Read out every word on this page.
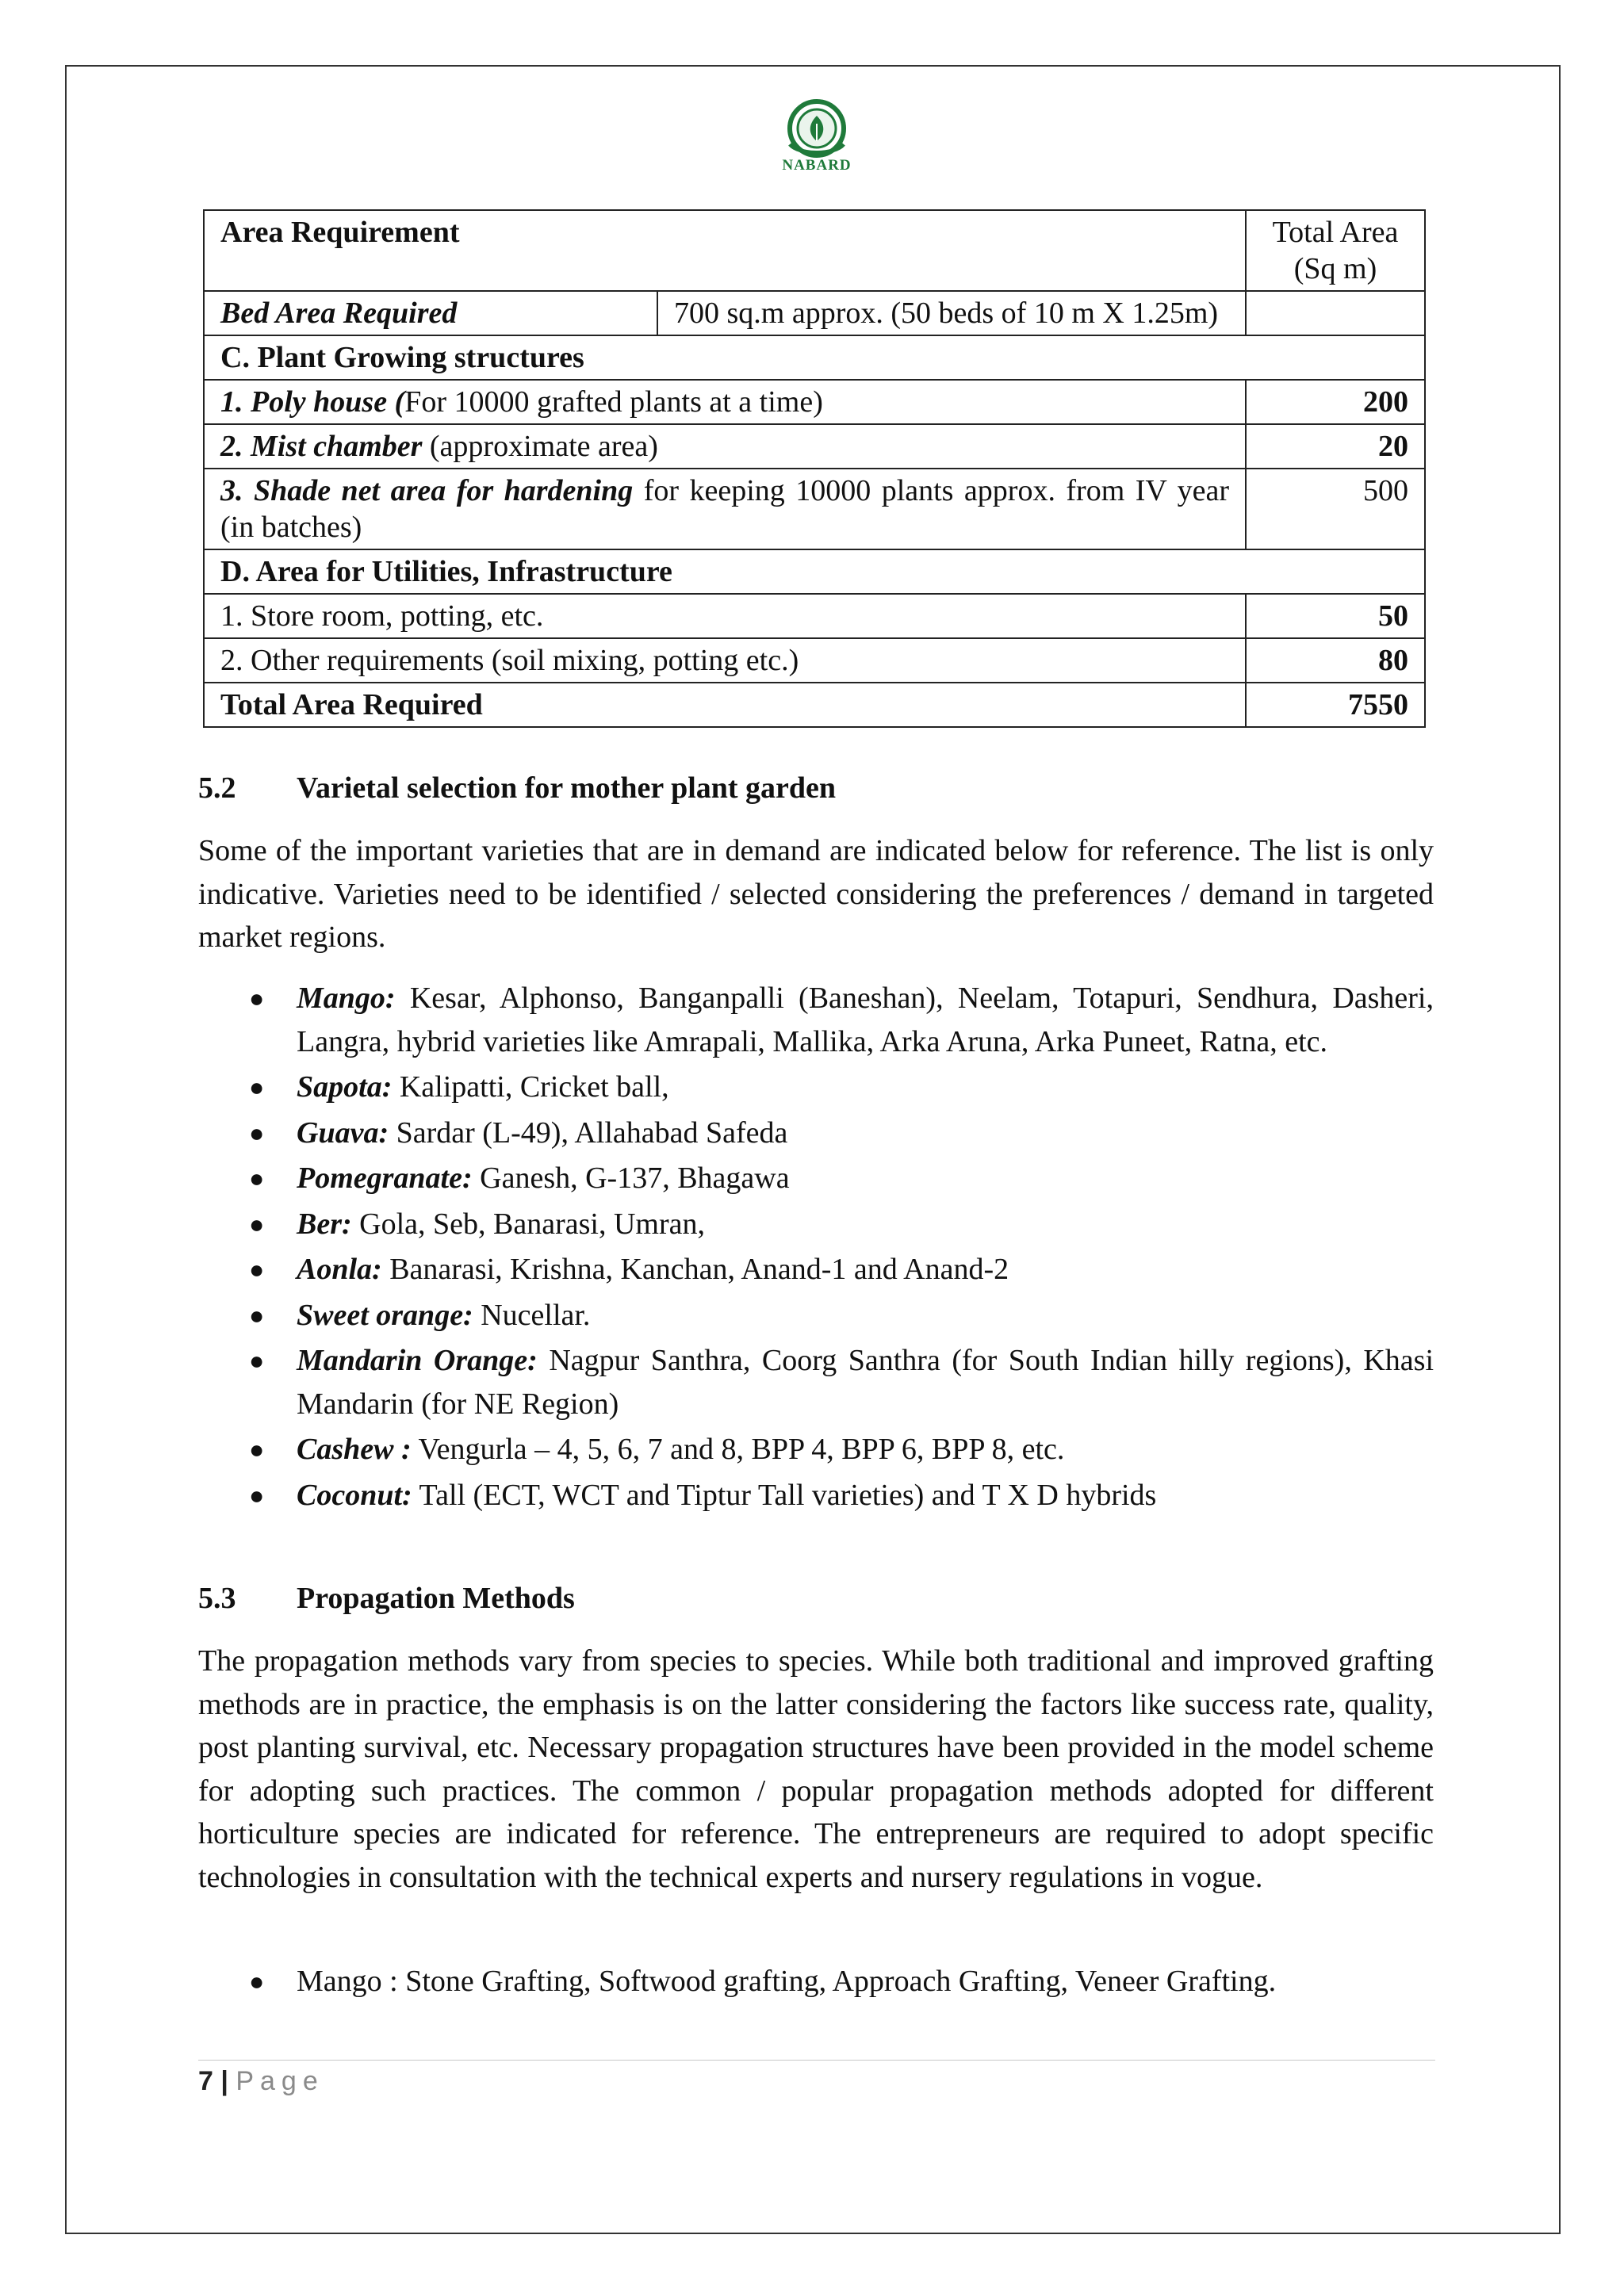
NABARD
Area Requirement		Total Area (Sq m)
Bed Area Required	700 sq.m approx. (50 beds of 10 m X 1.25m)	
C. Plant Growing structures		
1. Poly house (For 10000 grafted plants at a time)		200
2. Mist chamber (approximate area)		20
3. Shade net area for hardening for keeping 10000 plants approx. from IV year (in batches)		500
D. Area for Utilities, Infrastructure		
1. Store room, potting, etc.		50
2. Other requirements (soil mixing, potting etc.)		80
Total Area Required		7550
5.2 Varietal selection for mother plant garden

Some of the important varieties that are in demand are indicated below for reference. The list is only indicative. Varieties need to be identified / selected considering the preferences / demand in targeted market regions.

● Mango: Kesar, Alphonso, Banganpalli (Baneshan), Neelam, Totapuri, Sendhura, Dasheri, Langra, hybrid varieties like Amrapali, Mallika, Arka Aruna, Arka Puneet, Ratna, etc.
● Sapota: Kalipatti, Cricket ball,
● Guava: Sardar (L-49), Allahabad Safeda
● Pomegranate: Ganesh, G-137, Bhagawa
● Ber: Gola, Seb, Banarasi, Umran,
● Aonla: Banarasi, Krishna, Kanchan, Anand-1 and Anand-2
● Sweet orange: Nucellar.
● Mandarin Orange: Nagpur Santhra, Coorg Santhra (for South Indian hilly regions), Khasi Mandarin (for NE Region)
● Cashew : Vengurla – 4, 5, 6, 7 and 8, BPP 4, BPP 6, BPP 8, etc.
● Coconut: Tall (ECT, WCT and Tiptur Tall varieties) and T X D hybrids
5.3 Propagation Methods

The propagation methods vary from species to species. While both traditional and improved grafting methods are in practice, the emphasis is on the latter considering the factors like success rate, quality, post planting survival, etc. Necessary propagation structures have been provided in the model scheme for adopting such practices. The common / popular propagation methods adopted for different horticulture species are indicated for reference. The entrepreneurs are required to adopt specific technologies in consultation with the technical experts and nursery regulations in vogue.

● Mango : Stone Grafting, Softwood grafting, Approach Grafting, Veneer Grafting.
7 | Page
